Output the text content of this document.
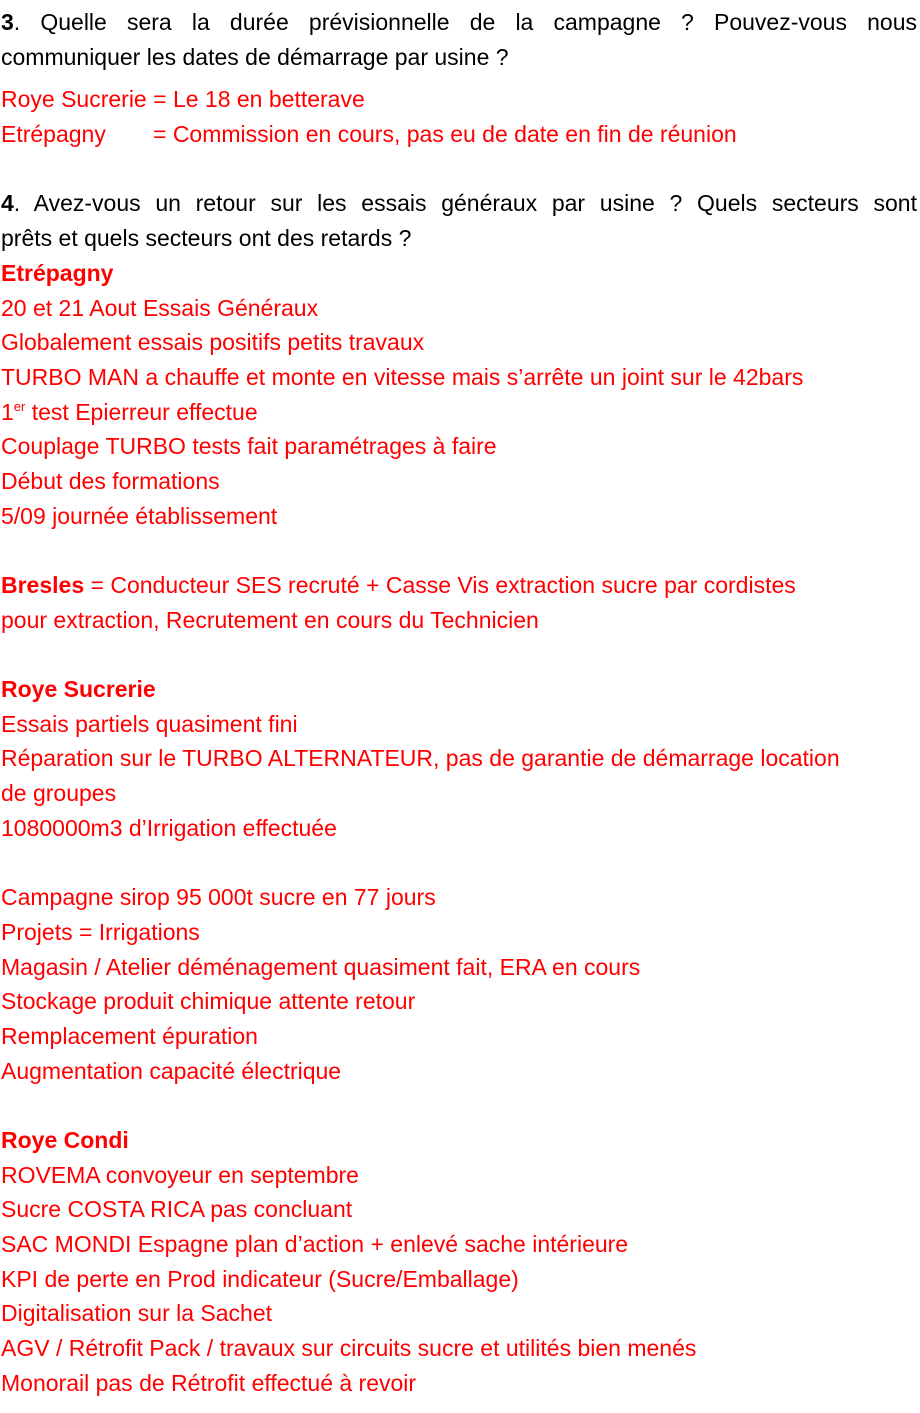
3. Quelle sera la durée prévisionnelle de la campagne ? Pouvez-vous nous
communiquer les dates de démarrage par usine ?
Roye Sucrerie = Le 18 en betterave
Etrépagny = Commission en cours, pas eu de date en fin de réunion
4. Avez-vous un retour sur les essais généraux par usine ? Quels secteurs sont
prêts et quels secteurs ont des retards ?
Etrépagny
20 et 21 Aout Essais Généraux
Globalement essais positifs petits travaux
TURBO MAN a chauffe et monte en vitesse mais s’arrête un joint sur le 42bars
1er test Epierreur effectue
Couplage TURBO tests fait paramétrages à faire
Début des formations
5/09 journée établissement
Bresles = Conducteur SES recruté + Casse Vis extraction sucre par cordistes
pour extraction, Recrutement en cours du Technicien
Roye Sucrerie
Essais partiels quasiment fini
Réparation sur le TURBO ALTERNATEUR, pas de garantie de démarrage location
de groupes
1080000m3 d’Irrigation effectuée
Campagne sirop 95 000t sucre en 77 jours
Projets = Irrigations
Magasin / Atelier déménagement quasiment fait, ERA en cours
Stockage produit chimique attente retour
Remplacement épuration
Augmentation capacité électrique
Roye Condi
ROVEMA convoyeur en septembre
Sucre COSTA RICA pas concluant
SAC MONDI Espagne plan d’action + enlevé sache intérieure
KPI de perte en Prod indicateur (Sucre/Emballage)
Digitalisation sur la Sachet
AGV / Rétrofit Pack / travaux sur circuits sucre et utilités bien menés
Monorail pas de Rétrofit effectué à revoir
